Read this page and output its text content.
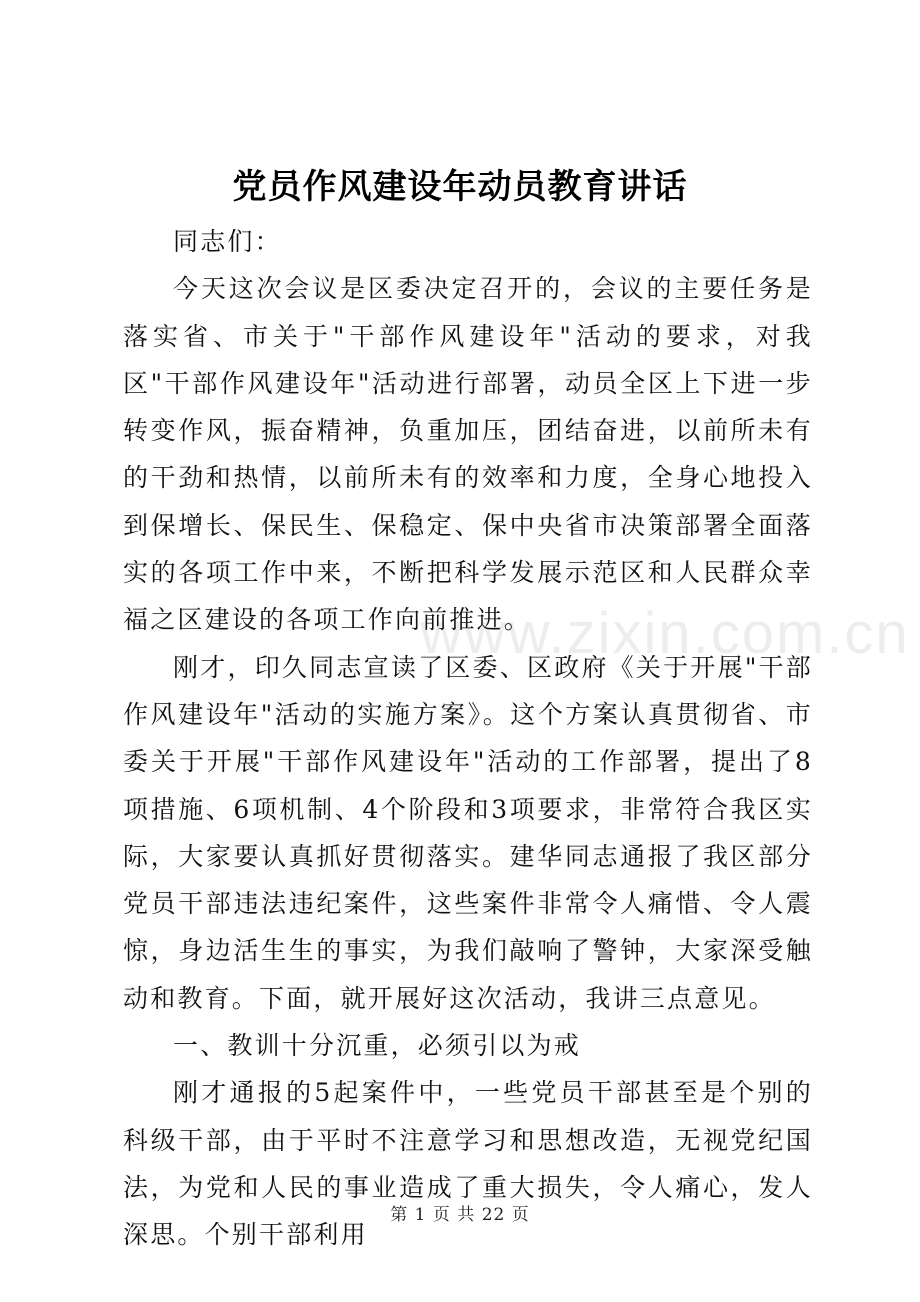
www.zixin.com.cn
党员作风建设年动员教育讲话

同志们：

今天这次会议是区委决定召开的，会议的主要任务是落实省、市关于"干部作风建设年"活动的要求，对我区"干部作风建设年"活动进行部署，动员全区上下进一步转变作风，振奋精神，负重加压，团结奋进，以前所未有的干劲和热情，以前所未有的效率和力度，全身心地投入到保增长、保民生、保稳定、保中央省市决策部署全面落实的各项工作中来，不断把科学发展示范区和人民群众幸福之区建设的各项工作向前推进。

刚才，印久同志宣读了区委、区政府《关于开展"干部作风建设年"活动的实施方案》。这个方案认真贯彻省、市委关于开展"干部作风建设年"活动的工作部署，提出了8项措施、6项机制、4个阶段和3项要求，非常符合我区实际，大家要认真抓好贯彻落实。建华同志通报了我区部分党员干部违法违纪案件，这些案件非常令人痛惜、令人震惊，身边活生生的事实，为我们敲响了警钟，大家深受触动和教育。下面，就开展好这次活动，我讲三点意见。

一、教训十分沉重，必须引以为戒

刚才通报的5起案件中，一些党员干部甚至是个别的科级干部，由于平时不注意学习和思想改造，无视党纪国法，为党和人民的事业造成了重大损失，令人痛心，发人深思。个别干部利用

第 1 页 共 22 页
